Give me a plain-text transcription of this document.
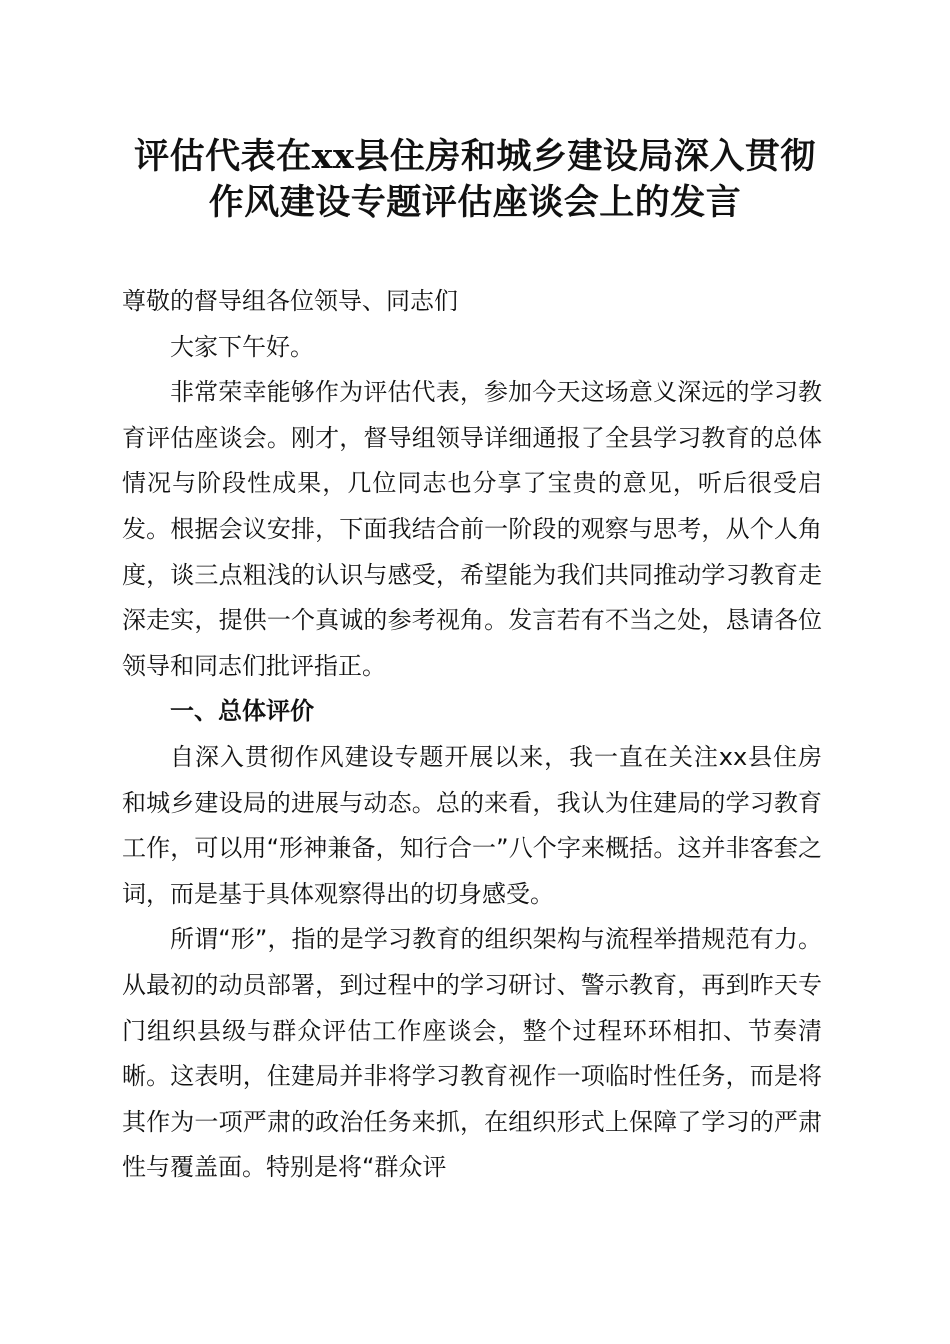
评估代表在xx县住房和城乡建设局深入贯彻
作风建设专题评估座谈会上的发言

尊敬的督导组各位领导、同志们

大家下午好。

非常荣幸能够作为评估代表，参加今天这场意义深远的学习教育评估座谈会。刚才，督导组领导详细通报了全县学习教育的总体情况与阶段性成果，几位同志也分享了宝贵的意见，听后很受启发。根据会议安排，下面我结合前一阶段的观察与思考，从个人角度，谈三点粗浅的认识与感受，希望能为我们共同推动学习教育走深走实，提供一个真诚的参考视角。发言若有不当之处，恳请各位领导和同志们批评指正。

一、总体评价

自深入贯彻作风建设专题开展以来，我一直在关注xx县住房和城乡建设局的进展与动态。总的来看，我认为住建局的学习教育工作，可以用“形神兼备，知行合一”八个字来概括。这并非客套之词，而是基于具体观察得出的切身感受。

所谓“形”，指的是学习教育的组织架构与流程举措规范有力。从最初的动员部署，到过程中的学习研讨、警示教育，再到昨天专门组织县级与群众评估工作座谈会，整个过程环环相扣、节奏清晰。这表明，住建局并非将学习教育视作一项临时性任务，而是将其作为一项严肃的政治任务来抓，在组织形式上保障了学习的严肃性与覆盖面。特别是将“群众评
